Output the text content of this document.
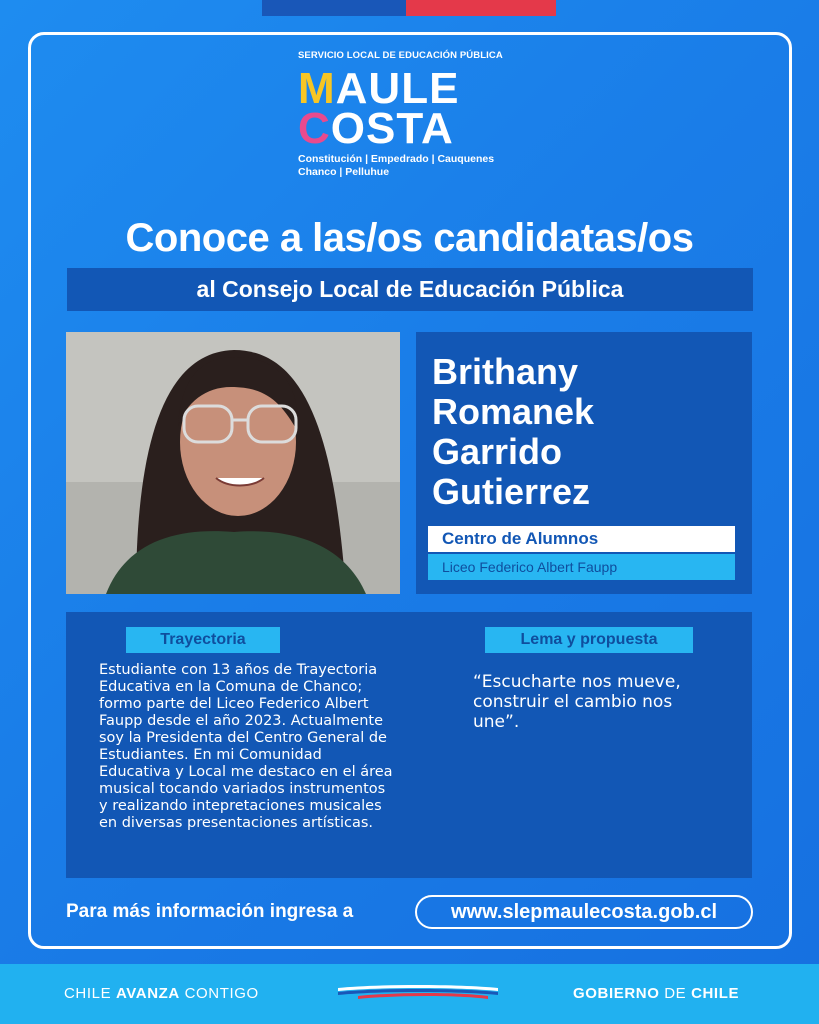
SERVICIO LOCAL DE EDUCACIÓN PÚBLICA
MAULE
COSTA
Constitución | Empedrado | Cauquenes
Chanco | Pelluhue
Conoce a las/os candidatas/os
al Consejo Local de Educación Pública
Brithany
Romanek
Garrido
Gutierrez
Centro de Alumnos
Liceo Federico Albert Faupp
Trayectoria	Lema y propuesta
Estudiante con 13 años de Trayectoria
Educativa en la Comuna de Chanco;
formo parte del Liceo Federico Albert
Faupp desde el año 2023. Actualmente
soy la Presidenta del Centro General de
Estudiantes. En mi Comunidad
Educativa y Local me destaco en el área
musical tocando variados instrumentos
y realizando intepretaciones musicales
en diversas presentaciones artísticas.
“Escucharte nos mueve,
construir el cambio nos
une”.
Para más información ingresa a	www.slepmaulecosta.gob.cl
CHILE AVANZA CONTIGO	GOBIERNO DE CHILE
